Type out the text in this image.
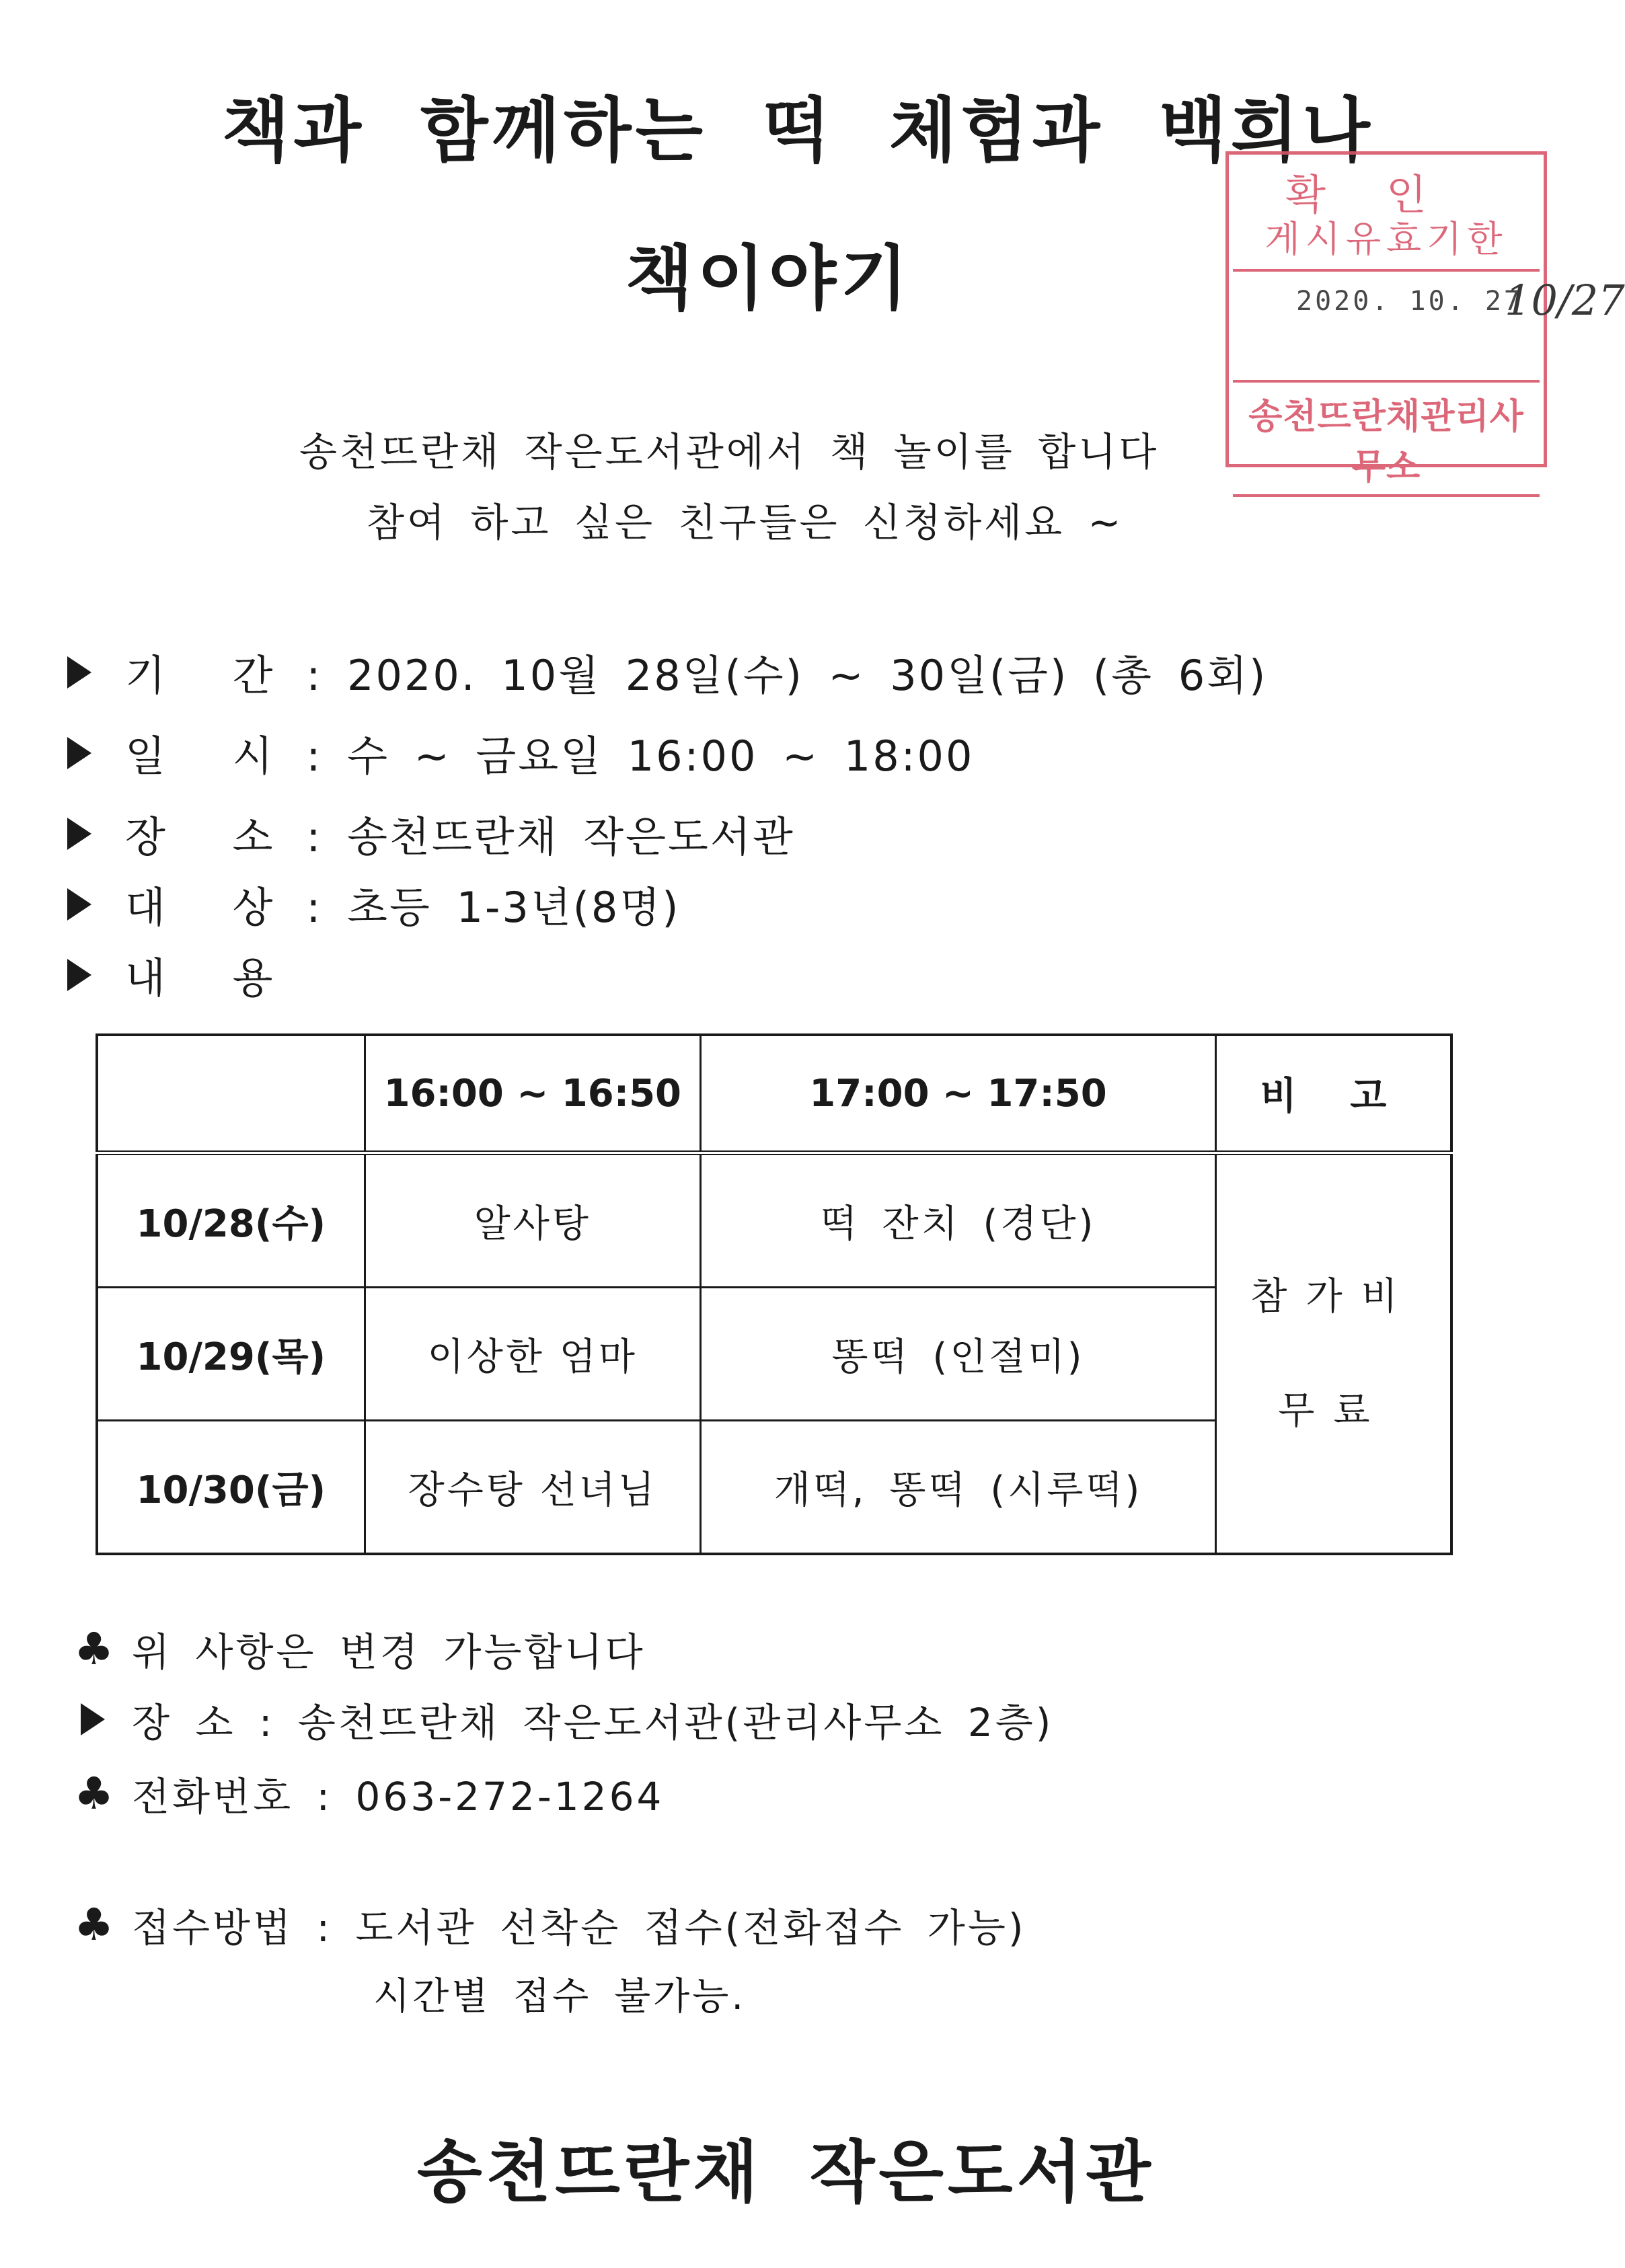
책과 함께하는 떡 체험과 백희나
책이야기
확인
게시유효기한
2020. 10. 27
10/27
송천뜨란채관리사무소
송천뜨란채 작은도서관에서 책 놀이를 합니다
참여 하고 싶은 친구들은 신청하세요 ~
기 간 : 2020. 10월 28일(수) ~ 30일(금) (총 6회)
일 시 : 수 ~ 금요일 16:00 ~ 18:00
장 소 : 송천뜨란채 작은도서관
대 상 : 초등 1-3년(8명)
내 용
	16:00 ~ 16:50	17:00 ~ 17:50	비 고
10/28(수)	알사탕	떡 잔치 (경단)	참가비
무료

10/29(목)	이상한 엄마	똥떡 (인절미)	
10/30(금)	장수탕 선녀님	개떡, 똥떡 (시루떡)	
♣ 위 사항은 변경 가능합니다
장 소 : 송천뜨란채 작은도서관(관리사무소 2층)
♣ 전화번호 : 063-272-1264
♣ 접수방법 : 도서관 선착순 접수(전화접수 가능)
시간별 접수 불가능.
송천뜨란채 작은도서관
